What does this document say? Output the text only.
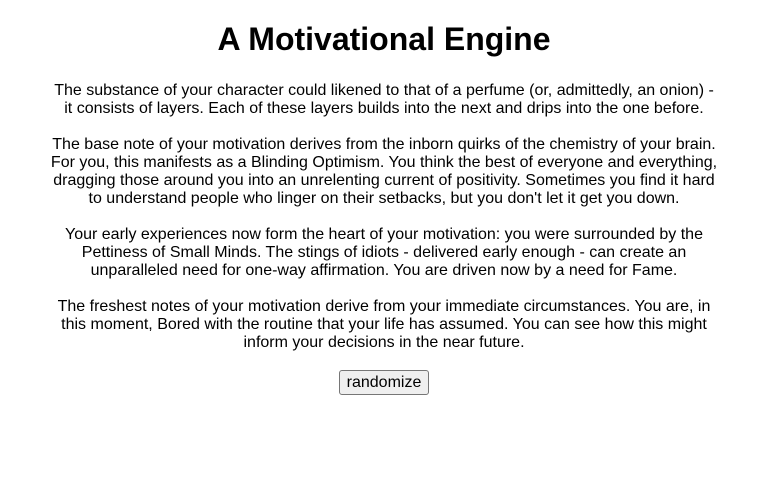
A Motivational Engine

The substance of your character could likened to that of a perfume (or, admittedly, an onion) - it consists of layers. Each of these layers builds into the next and drips into the one before.

The base note of your motivation derives from the inborn quirks of the chemistry of your brain. For you, this manifests as a Blinding Optimism. You think the best of everyone and everything, dragging those around you into an unrelenting current of positivity. Sometimes you find it hard to understand people who linger on their setbacks, but you don't let it get you down.

Your early experiences now form the heart of your motivation: you were surrounded by the Pettiness of Small Minds. The stings of idiots - delivered early enough - can create an unparalleled need for one-way affirmation. You are driven now by a need for Fame.

The freshest notes of your motivation derive from your immediate circumstances. You are, in this moment, Bored with the routine that your life has assumed. You can see how this might inform your decisions in the near future.

randomize
